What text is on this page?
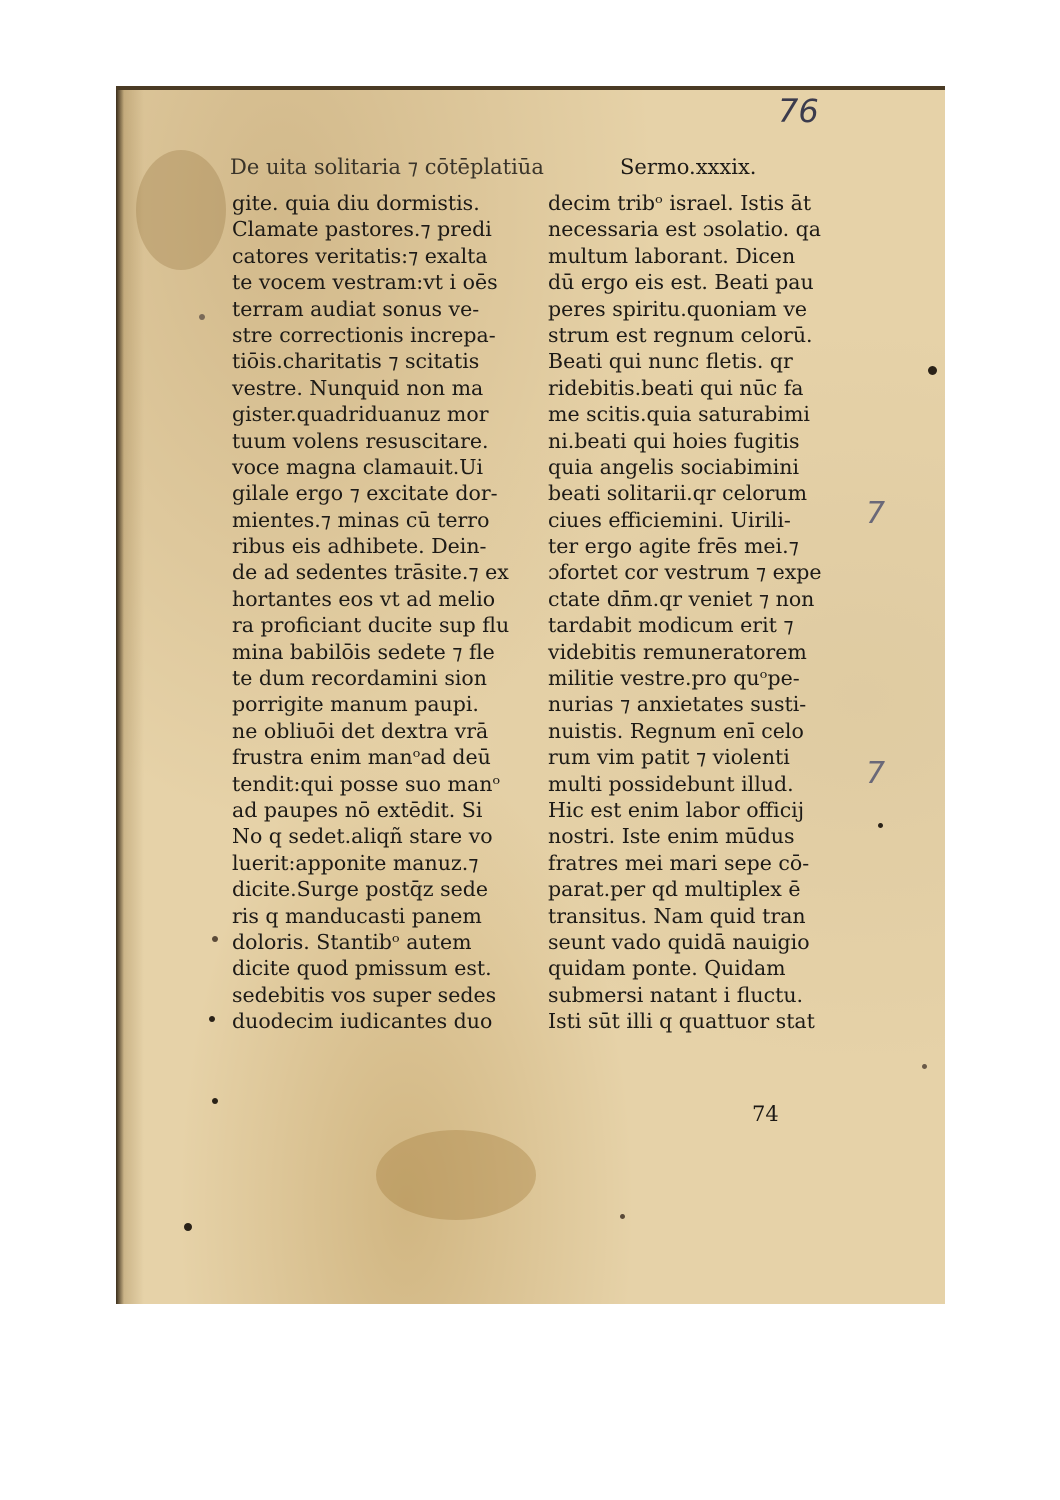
76
De uita solitaria ⁊ cōtēplatiūa	Sermo.xxxix.
gite. quia diu dormistis.
Clamate pastores.⁊ predi
catores veritatis:⁊ exalta
te vocem vestram:vt i oēs
terram audiat sonus ve-
stre correctionis increpa-
tiōis.charitatis ⁊ scitatis
vestre. Nunquid non ma
gister.quadriduanuz mor
tuum volens resuscitare.
voce magna clamauit.Ui
gilale ergo ⁊ excitate dor-
mientes.⁊ minas cū terro
ribus eis adhibete. Dein-
de ad sedentes trāsite.⁊ ex
hortantes eos vt ad melio
ra proficiant ducite sup flu
mina babilōis sedete ⁊ fle
te dum recordamini sion
porrigite manum paupi.
ne obliuōi det dextra vrā
frustra enim manᵒad deū
tendit:qui posse suo manᵒ
ad paupes nō extēdit. Si
No q sedet.aliqñ stare vo
luerit:apponite manuz.⁊
dicite.Surge postq̄z sede
ris q manducasti panem
doloris. Stantibᵒ autem
dicite quod pmissum est.
sedebitis vos super sedes
duodecim iudicantes duo
decim tribᵒ israel. Istis āt
necessaria est ɔsolatio. qa
multum laborant. Dicen
dū ergo eis est. Beati pau
peres spiritu.quoniam ve
strum est regnum celorū.
Beati qui nunc fletis. qr
ridebitis.beati qui nūc fa
me scitis.quia saturabimi
ni.beati qui hoies fugitis
quia angelis sociabimini
beati solitarii.qr celorum
ciues efficiemini. Uirili-
ter ergo agite frēs mei.⁊
ɔfortet cor vestrum ⁊ expe
ctate dn̄m.qr veniet ⁊ non
tardabit modicum erit ⁊
videbitis remuneratorem
militie vestre.pro quᵒpe-
nurias ⁊ anxietates susti-
nuistis. Regnum enī celo
rum vim patit ⁊ violenti
multi possidebunt illud.
Hic est enim labor officij
nostri. Iste enim mūdus
fratres mei mari sepe cō-
parat.per qd multiplex ē
transitus. Nam quid tran
seunt vado quidā nauigio
quidam ponte. Quidam
submersi natant i fluctu.
Isti sūt illi q quattuor stat
74
7
7
